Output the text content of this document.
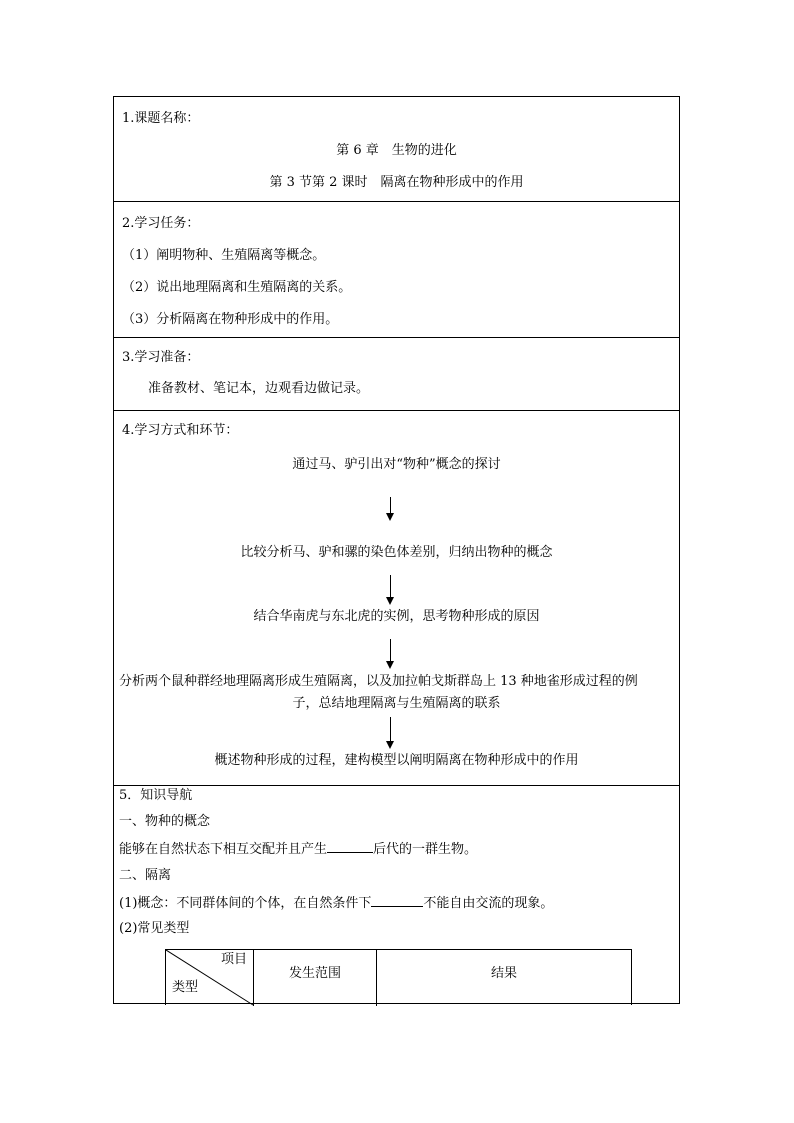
1.课题名称：
第 6 章　生物的进化
第 3 节第 2 课时　隔离在物种形成中的作用
2.学习任务：
（1）阐明物种、生殖隔离等概念。
（2）说出地理隔离和生殖隔离的关系。
（3）分析隔离在物种形成中的作用。
3.学习准备：
准备教材、笔记本，边观看边做记录。
4.学习方式和环节：
通过马、驴引出对“物种”概念的探讨
比较分析马、驴和骡的染色体差别，归纳出物种的概念
结合华南虎与东北虎的实例，思考物种形成的原因
分析两个鼠种群经地理隔离形成生殖隔离，以及加拉帕戈斯群岛上 13 种地雀形成过程的例
子，总结地理隔离与生殖隔离的联系
概述物种形成的过程，建构模型以阐明隔离在物种形成中的作用
5．知识导航
一、物种的概念
能够在自然状态下相互交配并且产生	后代的一群生物。
二、隔离
(1)概念：不同群体间的个体，在自然条件下	不能自由交流的现象。
(2)常见类型
项目
类型
发生范围	结果
